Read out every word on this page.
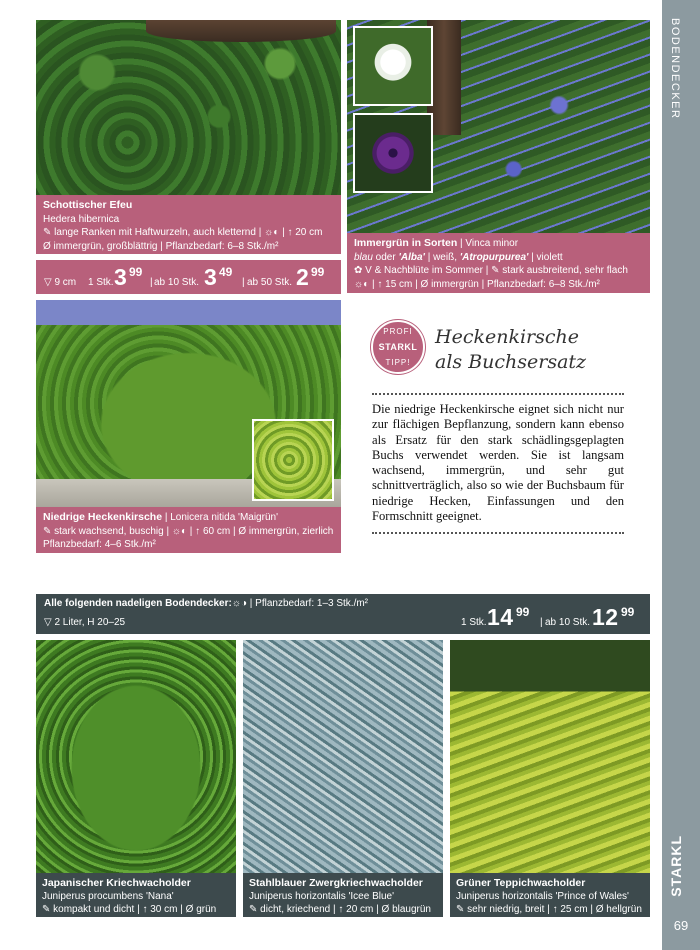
BODENDECKER
STARKL
69
Schottischer Efeu
Hedera hibernica
✎ lange Ranken mit Haftwurzeln, auch kletternd | ☼◐ | ↑ 20 cm
Ø immergrün, großblättrig | Pflanzbedarf: 6–8 Stk./m²
▽ 9 cm 1 Stk. 3 99
ab 10 Stk.
| 3 49
| ab 50 Stk. 2 99
Immergrün in Sorten | Vinca minor
blau oder 'Alba' | weiß, 'Atropurpurea' | violett
✿ V & Nachblüte im Sommer | ✎ stark ausbreitend, sehr flach
☼◐ | ↑ 15 cm | Ø immergrün | Pflanzbedarf: 6–8 Stk./m²
Niedrige Heckenkirsche | Lonicera nitida 'Maigrün'
✎ stark wachsend, buschig | ☼◐ | ↑ 60 cm | Ø immergrün, zierlich
Pflanzbedarf: 4–6 Stk./m²
PROFI
STARKL
TIPP!
Heckenkirsche
als Buchsersatz
Die niedrige Heckenkirsche eignet sich nicht nur zur flächigen Bepflanzung, sondern kann ebenso als Ersatz für den stark schädlingsgeplagten Buchs verwendet werden. Sie ist langsam wachsend, immergrün, und sehr gut schnittverträglich, also so wie der Buchsbaum für niedrige Hecken, Einfassungen und den Formschnitt geeignet.
Alle folgenden nadeligen Bodendecker: ☼◑ | Pflanzbedarf: 1–3 Stk./m²
▽ 2 Liter, H 20–25	1 Stk. 14 99
| ab 10 Stk. 12 99
Japanischer Kriechwacholder
Juniperus procumbens 'Nana'
✎ kompakt und dicht | ↑ 30 cm | Ø grün
Stahlblauer Zwergkriechwacholder
Juniperus horizontalis 'Icee Blue'
✎ dicht, kriechend | ↑ 20 cm | Ø blaugrün
Grüner Teppichwacholder
Juniperus horizontalis 'Prince of Wales'
✎ sehr niedrig, breit | ↑ 25 cm | Ø hellgrün
